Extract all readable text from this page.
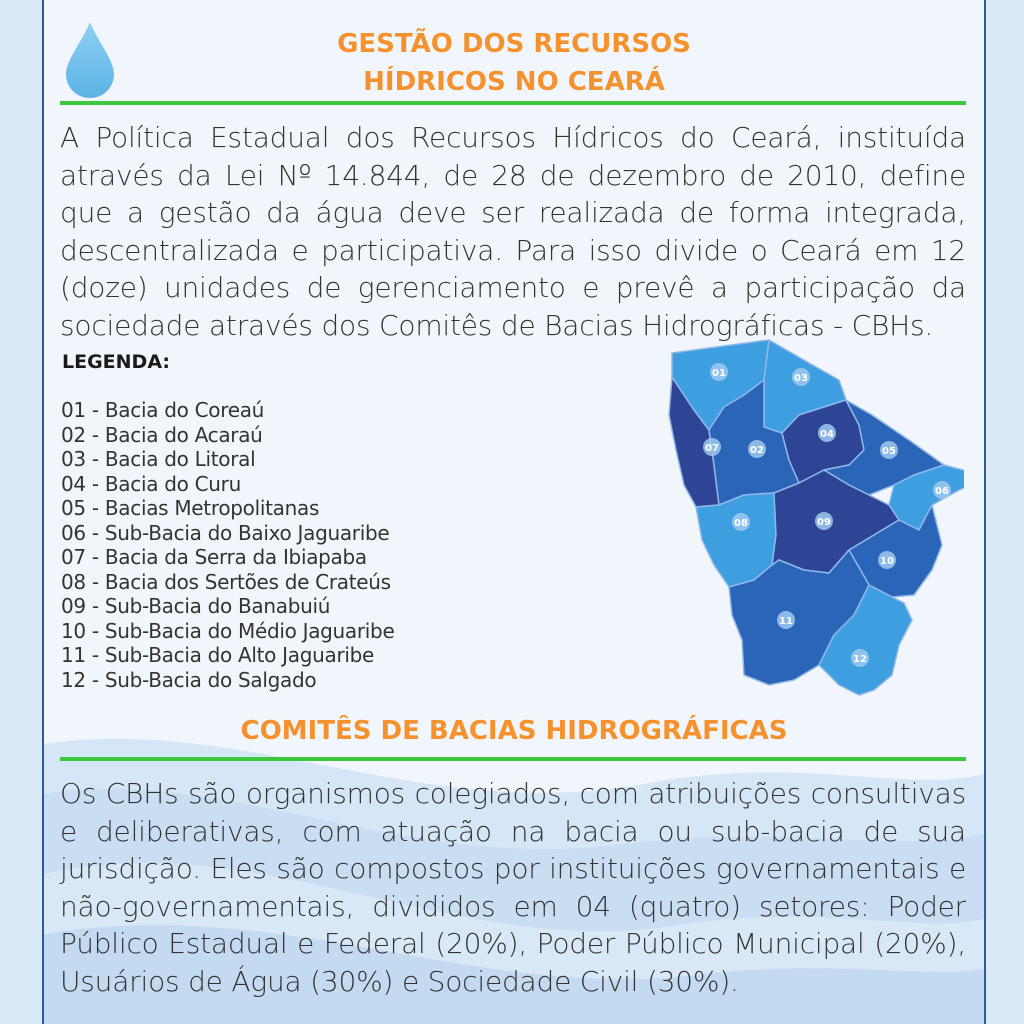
GESTÃO DOS RECURSOS
HÍDRICOS NO CEARÁ
A Política Estadual dos Recursos Hídricos do Ceará, instituída através da Lei Nº 14.844, de 28 de dezembro de 2010, define que a gestão da água deve ser realizada de forma integrada, descentralizada e participativa. Para isso divide o Ceará em 12 (doze) unidades de gerenciamento e prevê a participação da sociedade através dos Comitês de Bacias Hidrográficas - CBHs.
LEGENDA:
01 - Bacia do Coreaú
02 - Bacia do Acaraú
03 - Bacia do Litoral
04 - Bacia do Curu
05 - Bacias Metropolitanas
06 - Sub-Bacia do Baixo Jaguaribe
07 - Bacia da Serra da Ibiapaba
08 - Bacia dos Sertões de Crateús
09 - Sub-Bacia do Banabuiú
10 - Sub-Bacia do Médio Jaguaribe
11 - Sub-Bacia do Alto Jaguaribe
12 - Sub-Bacia do Salgado
01	03
07	02
04
05
06
08	09
10
11
12
COMITÊS DE BACIAS HIDROGRÁFICAS
Os CBHs são organismos colegiados, com atribuições consultivas e deliberativas, com atuação na bacia ou sub-bacia de sua jurisdição. Eles são compostos por instituições governamentais e não-governamentais, divididos em 04 (quatro) setores: Poder Público Estadual e Federal (20%), Poder Público Municipal (20%), Usuários de Água (30%) e Sociedade Civil (30%).
